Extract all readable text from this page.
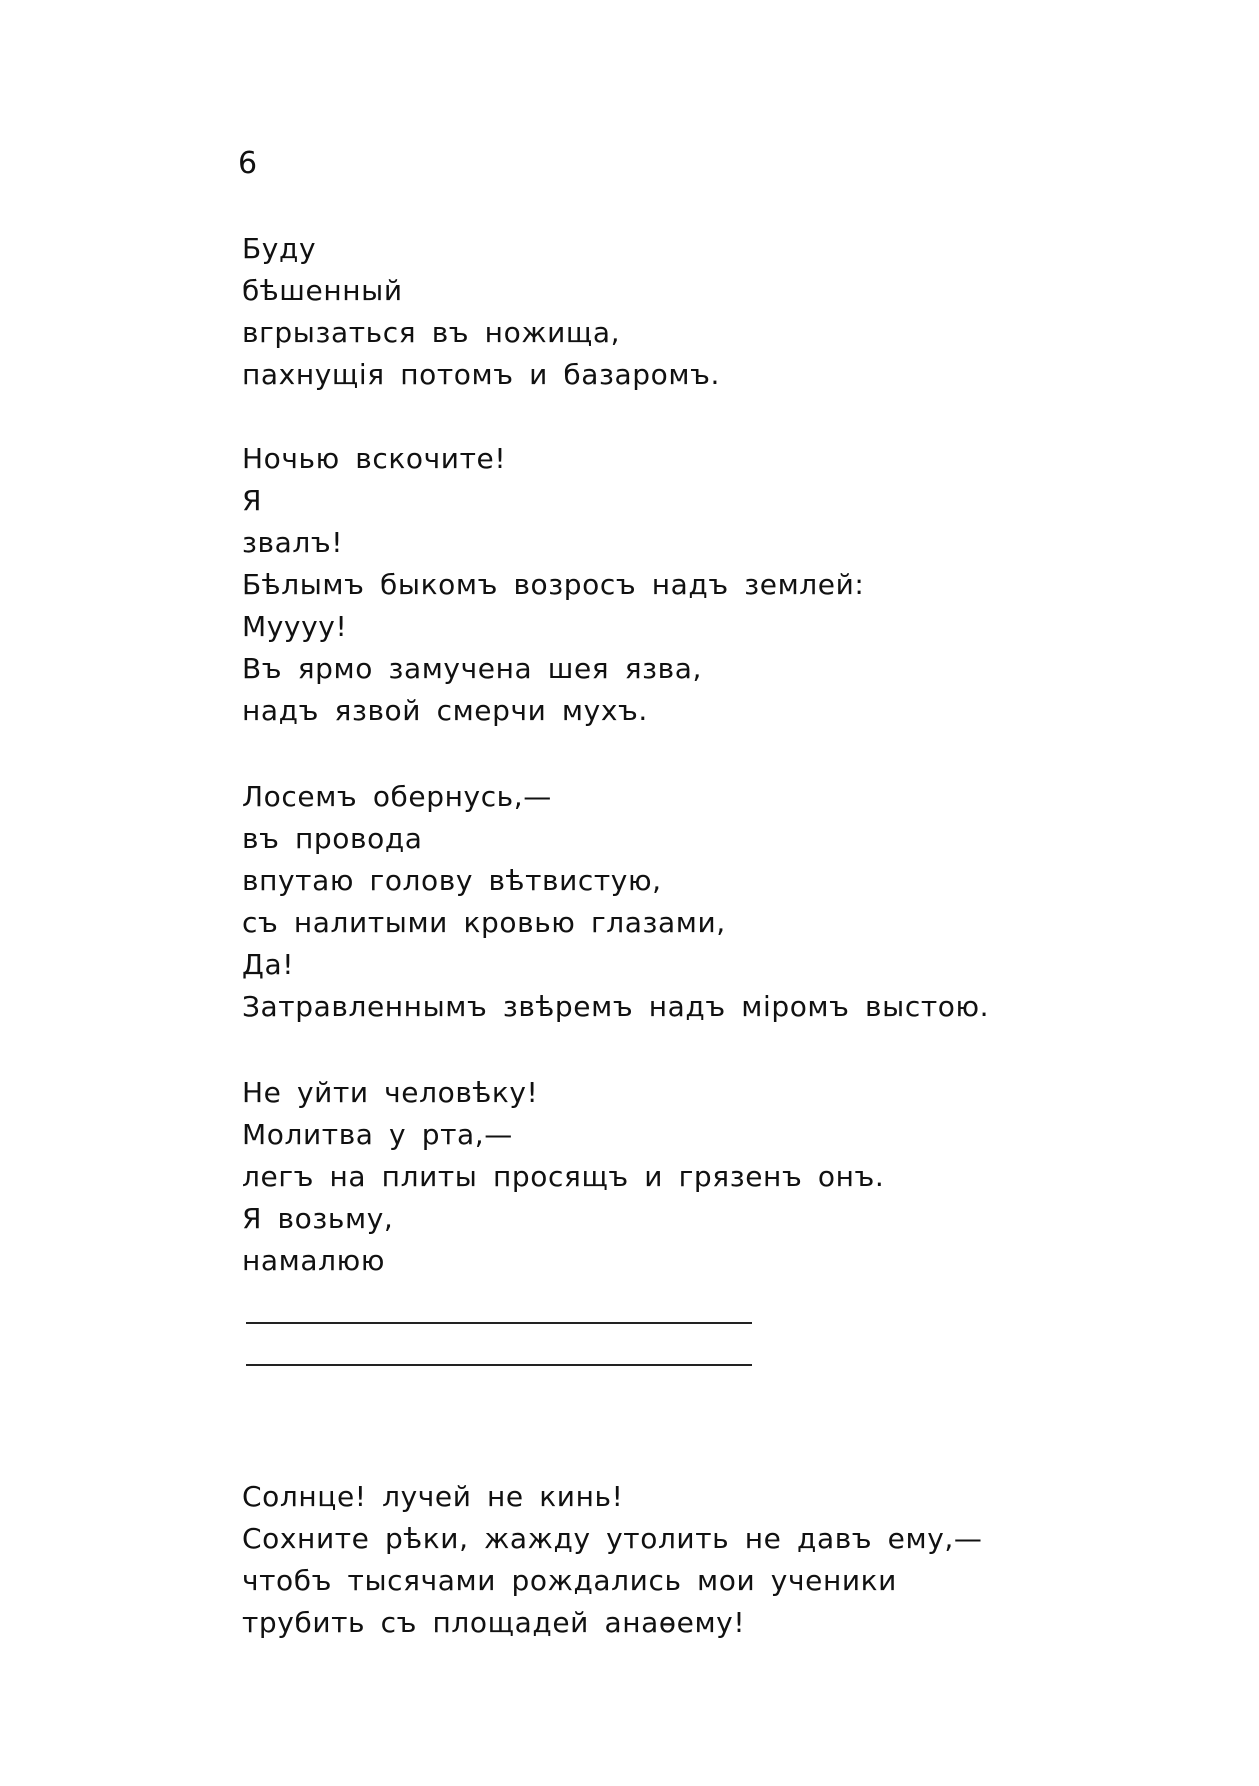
6
Буду
бѣшенный
вгрызаться въ ножища,
пахнущія потомъ и базаромъ.
Ночью вскочите!
Я
звалъ!
Бѣлымъ быкомъ возросъ надъ землей:
Мyyyy!
Въ ярмо замучена шея язва,
надъ язвой смерчи мухъ.
Лосемъ обернусь,—
въ провода
впутаю голову вѣтвистую,
съ налитыми кровью глазами,
Да!
Затравленнымъ звѣремъ надъ міромъ выстою.
Не уйти человѣку!
Молитва у рта,—
легъ на плиты просящъ и грязенъ онъ.
Я возьму,
намалюю
Солнце! лучей не кинь!
Сохните рѣки, жажду утолить не давъ ему,—
чтобъ тысячами рождались мои ученики
трубить съ площадей анаѳему!
